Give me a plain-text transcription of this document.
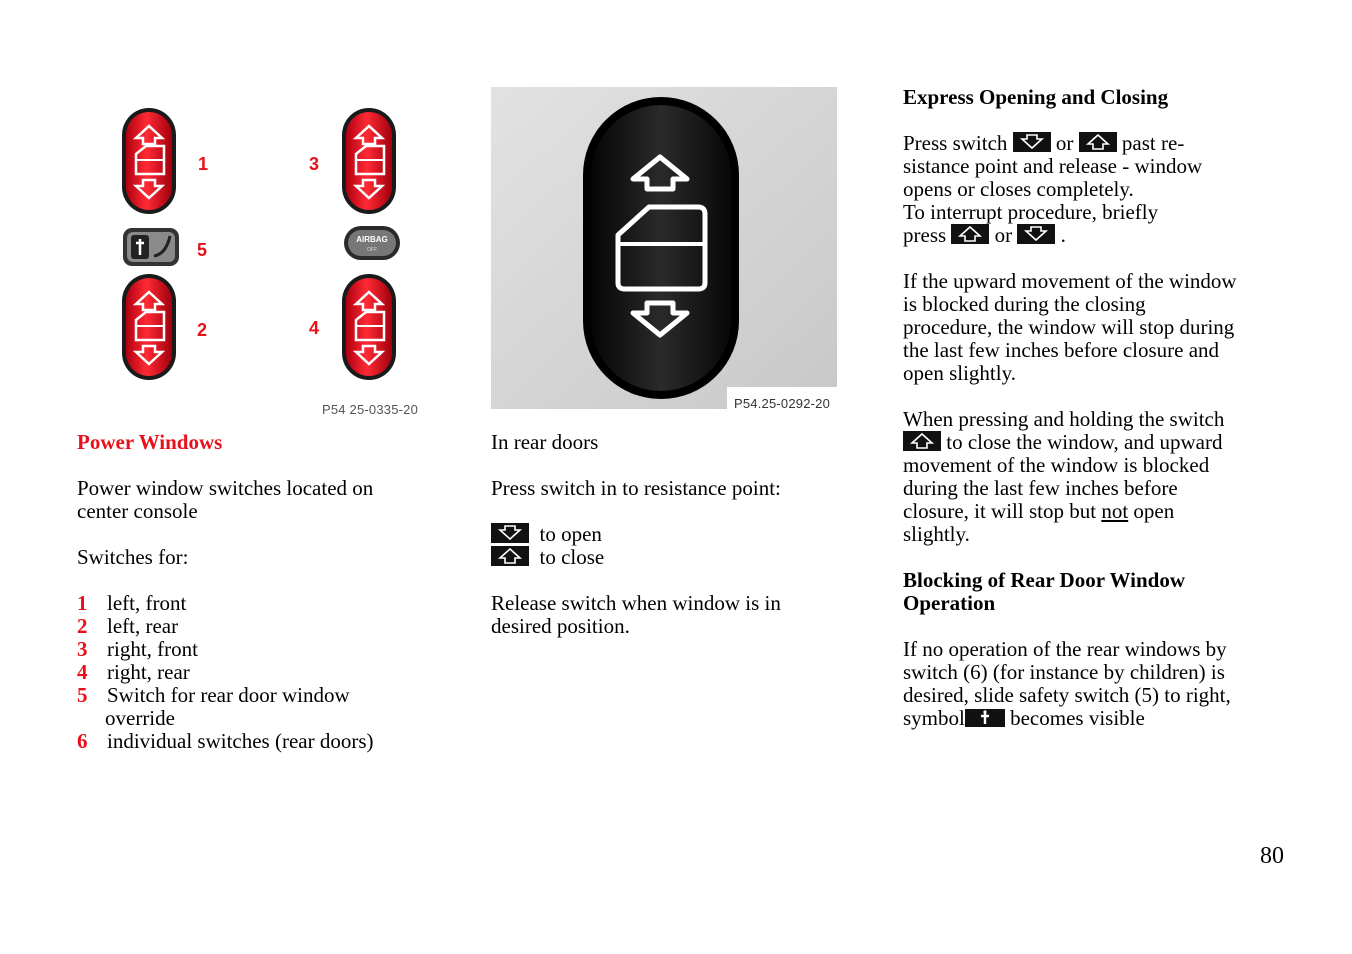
AIRBAG
OFF
1	3
5
2	4
P54 25-0335-20	P54.25-0292-20

Power Windows

Power window switches located on

center console

Switches for:

1 left, front

2 left, rear

3 right, front

4 right, rear

5 Switch for rear door window

override

6 individual switches (rear doors)

In rear doors

Press switch in to resistance point:

to open

to close

Release switch when window is in

desired position.

Express Opening and Closing

Press switch or past re-

sistance point and release - window

opens or closes completely.

To interrupt procedure, briefly

press or .

If the upward movement of the window

is blocked during the closing

procedure, the window will stop during

the last few inches before closure and

open slightly.

When pressing and holding the switch

to close the window, and upward

movement of the window is blocked

during the last few inches before

closure, it will stop but not open

slightly.

Blocking of Rear Door Window

Operation

If no operation of the rear windows by

switch (6) (for instance by children) is

desired, slide safety switch (5) to right,

symbol becomes visible

80
